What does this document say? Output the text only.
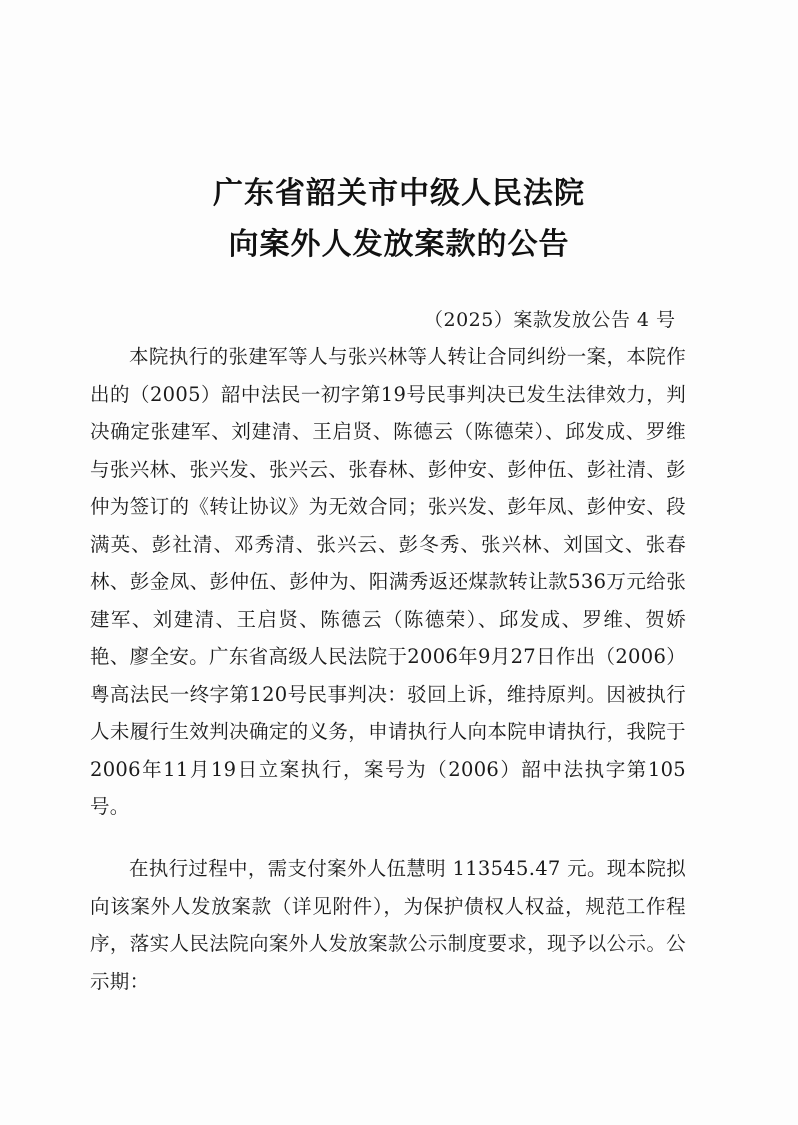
广东省韶关市中级人民法院
向案外人发放案款的公告
（2025）案款发放公告 4 号

本院执行的张建军等人与张兴林等人转让合同纠纷一案，本院作出的（2005）韶中法民一初字第19号民事判决已发生法律效力，判决确定张建军、刘建清、王启贤、陈德云（陈德荣）、邱发成、罗维与张兴林、张兴发、张兴云、张春林、彭仲安、彭仲伍、彭社清、彭仲为签订的《转让协议》为无效合同；张兴发、彭年凤、彭仲安、段满英、彭社清、邓秀清、张兴云、彭冬秀、张兴林、刘国文、张春林、彭金凤、彭仲伍、彭仲为、阳满秀返还煤款转让款536万元给张建军、刘建清、王启贤、陈德云（陈德荣）、邱发成、罗维、贺娇艳、廖全安。广东省高级人民法院于2006年9月27日作出（2006）粤高法民一终字第120号民事判决：驳回上诉，维持原判。因被执行人未履行生效判决确定的义务，申请执行人向本院申请执行，我院于2006年11月19日立案执行，案号为（2006）韶中法执字第105号。

在执行过程中，需支付案外人伍慧明 113545.47 元。现本院拟向该案外人发放案款（详见附件），为保护债权人权益，规范工作程序，落实人民法院向案外人发放案款公示制度要求，现予以公示。公示期：
